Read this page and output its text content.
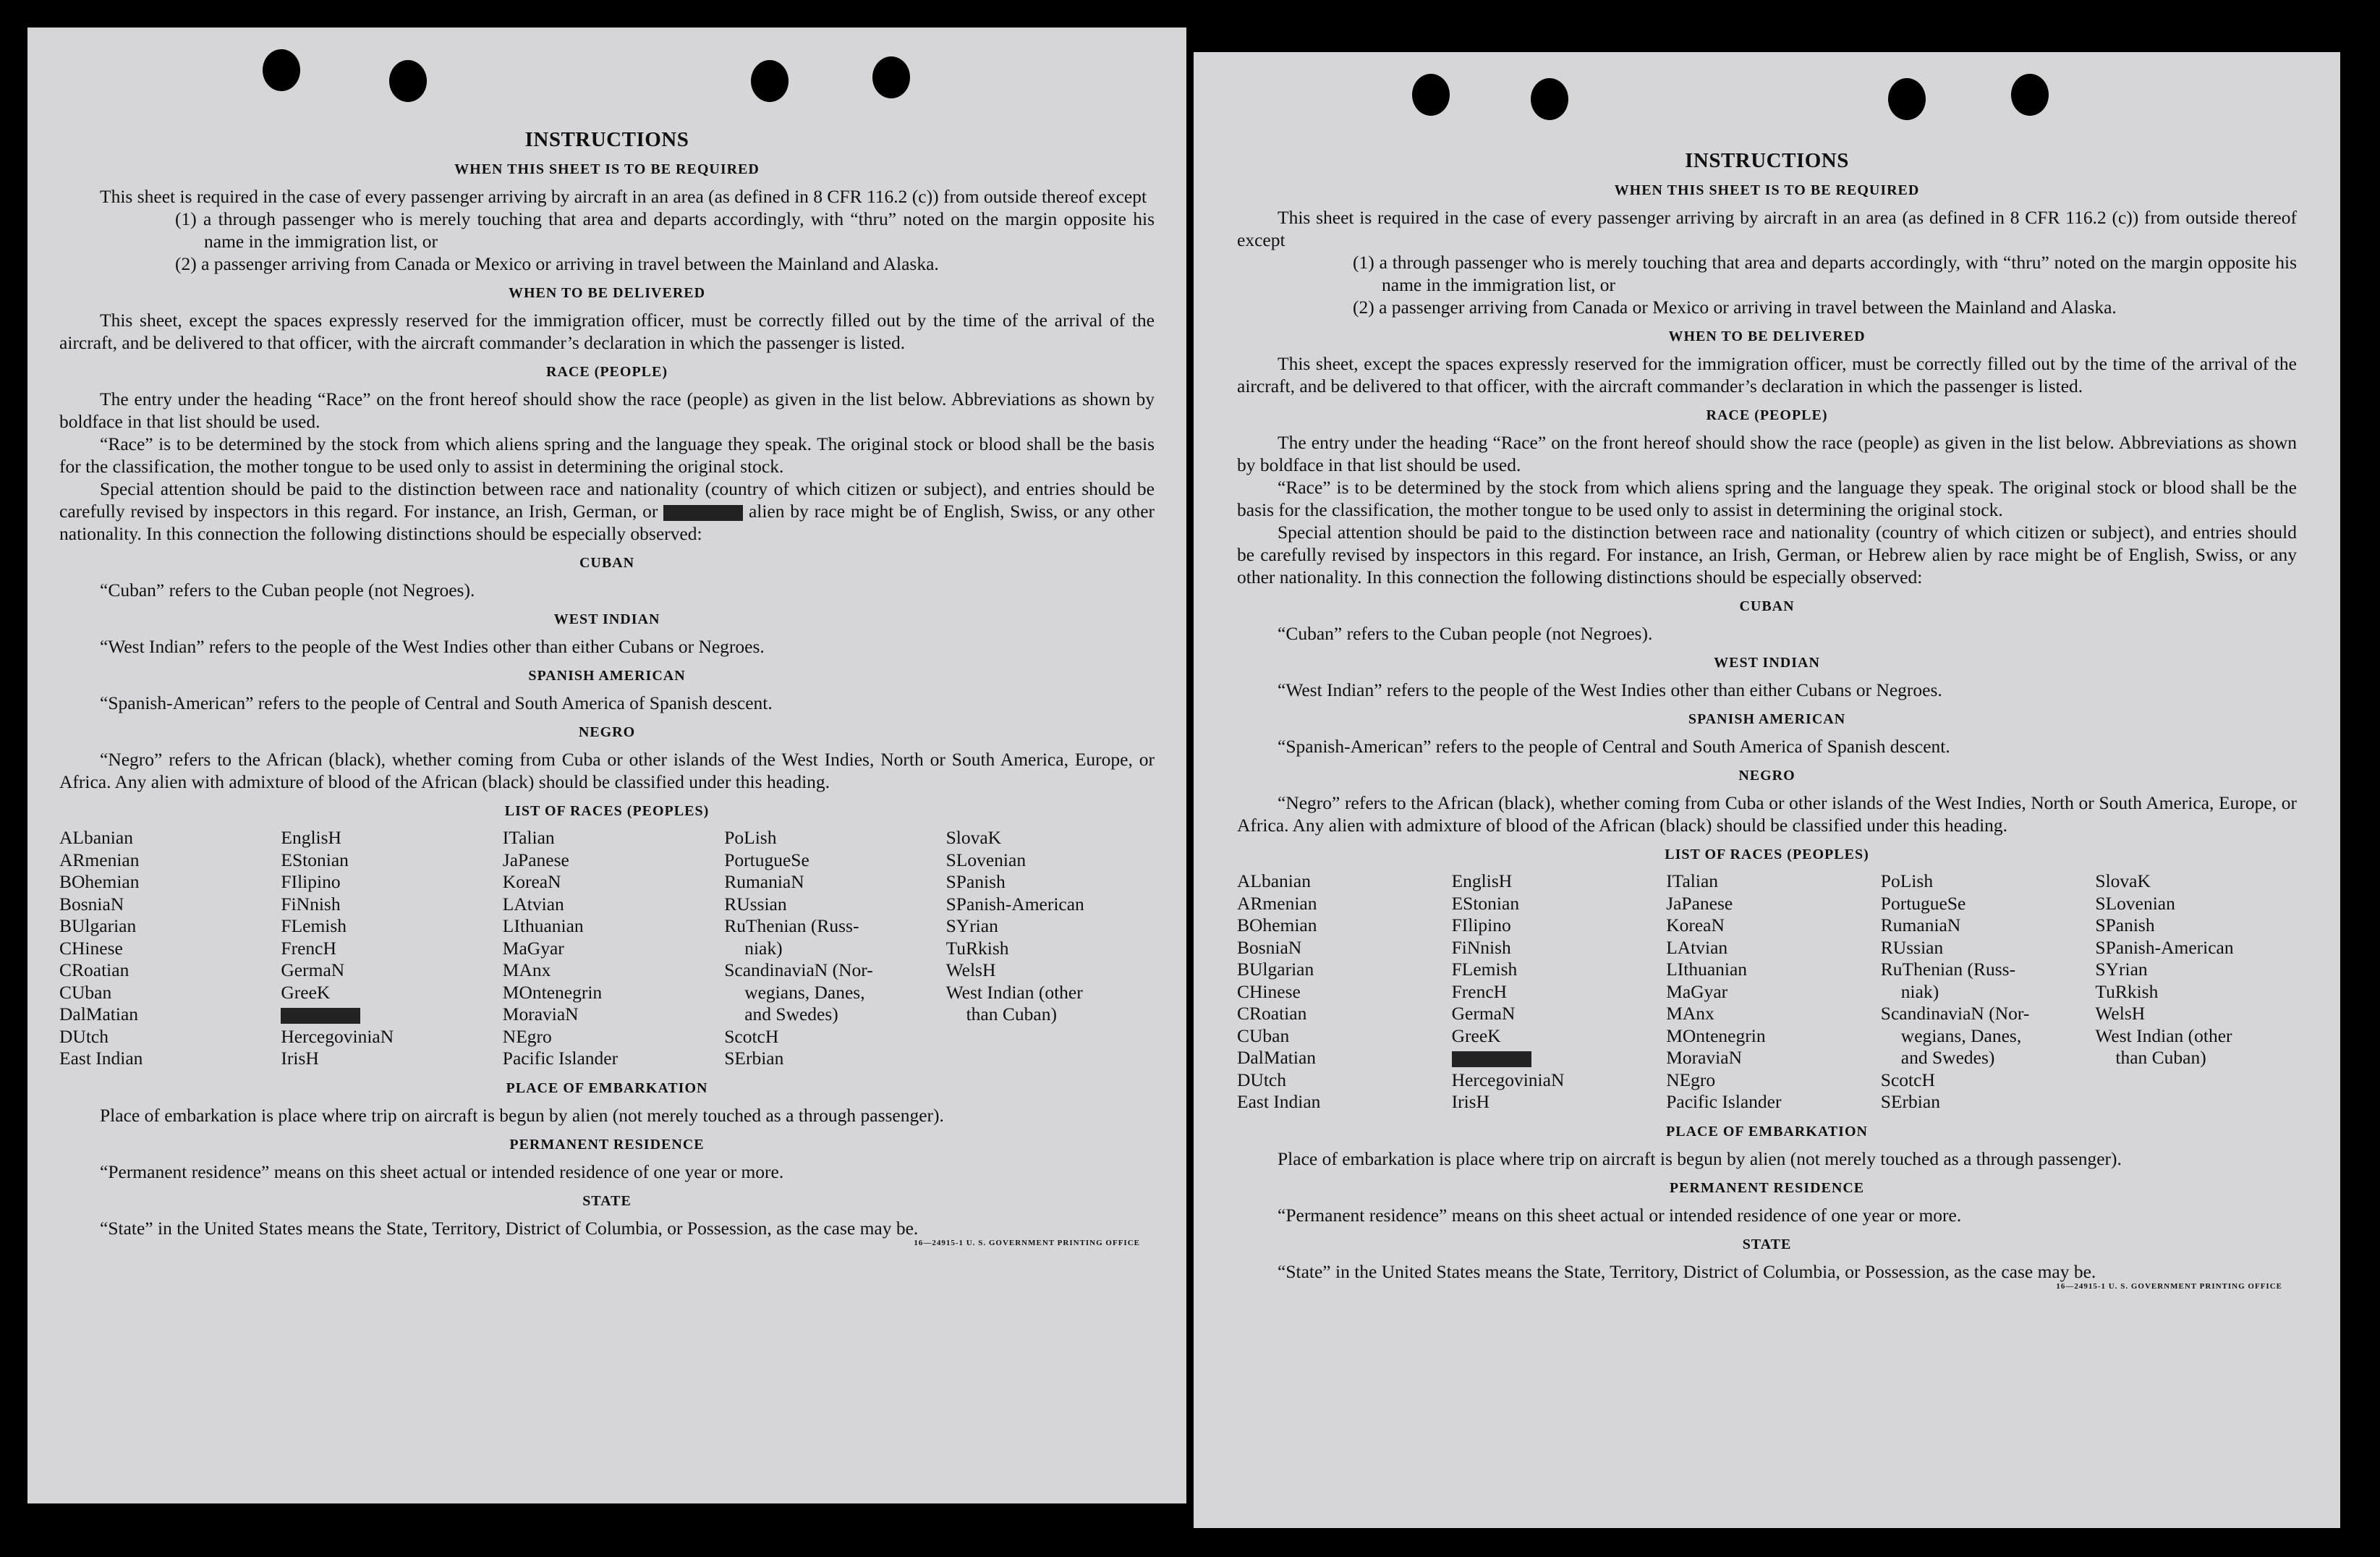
INSTRUCTIONS
WHEN THIS SHEET IS TO BE REQUIRED

This sheet is required in the case of every passenger arriving by aircraft in an area (as defined in 8 CFR 116.2 (c)) from outside thereof except

(1) a through passenger who is merely touching that area and departs accordingly, with “thru” noted on the margin opposite his name in the immigration list, or

(2) a passenger arriving from Canada or Mexico or arriving in travel between the Mainland and Alaska.

WHEN TO BE DELIVERED

This sheet, except the spaces expressly reserved for the immigration officer, must be correctly filled out by the time of the arrival of the aircraft, and be delivered to that officer, with the aircraft commander’s declaration in which the passenger is listed.

RACE (PEOPLE)

The entry under the heading “Race” on the front hereof should show the race (people) as given in the list below. Abbreviations as shown by boldface in that list should be used.

“Race” is to be determined by the stock from which aliens spring and the language they speak. The original stock or blood shall be the basis for the classification, the mother tongue to be used only to assist in determining the original stock.

Special attention should be paid to the distinction between race and nationality (country of which citizen or subject), and entries should be carefully revised by inspectors in this regard. For instance, an Irish, German, or	alien by race might be of English, Swiss, or any other nationality. In this connection the following distinctions should be especially observed:

CUBAN

“Cuban” refers to the Cuban people (not Negroes).

WEST INDIAN

“West Indian” refers to the people of the West Indies other than either Cubans or Negroes.

SPANISH AMERICAN

“Spanish-American” refers to the people of Central and South America of Spanish descent.

NEGRO

“Negro” refers to the African (black), whether coming from Cuba or other islands of the West Indies, North or South America, Europe, or Africa. Any alien with admixture of blood of the African (black) should be classified under this heading.

LIST OF RACES (PEOPLES)
ALbanian
ARmenian
BOhemian
BosniaN
BUlgarian
CHinese
CRoatian
CUban
DalMatian
DUtch
East Indian
EnglisH
EStonian
FIlipino
FiNnish
FLemish
FrencH
GermaN
GreeK
HercegoviniaN
IrisH
ITalian
JaPanese
KoreaN
LAtvian
LIthuanian
MaGyar
MAnx
MOntenegrin
MoraviaN
NEgro
Pacific Islander
PoLish
PortugueSe
RumaniaN
RUssian
RuThenian (Russ-
niak)
ScandinaviaN (Nor-
wegians, Danes,
and Swedes)
ScotcH
SErbian
SlovaK
SLovenian
SPanish
SPanish-American
SYrian
TuRkish
WelsH
West Indian (other
than Cuban)
PLACE OF EMBARKATION

Place of embarkation is place where trip on aircraft is begun by alien (not merely touched as a through passenger).

PERMANENT RESIDENCE

“Permanent residence” means on this sheet actual or intended residence of one year or more.

STATE

“State” in the United States means the State, Territory, District of Columbia, or Possession, as the case may be.

16—24915-1 U. S. GOVERNMENT PRINTING OFFICE
INSTRUCTIONS
WHEN THIS SHEET IS TO BE REQUIRED

This sheet is required in the case of every passenger arriving by aircraft in an area (as defined in 8 CFR 116.2 (c)) from outside thereof except

(1) a through passenger who is merely touching that area and departs accordingly, with “thru” noted on the margin opposite his name in the immigration list, or

(2) a passenger arriving from Canada or Mexico or arriving in travel between the Mainland and Alaska.

WHEN TO BE DELIVERED

This sheet, except the spaces expressly reserved for the immigration officer, must be correctly filled out by the time of the arrival of the aircraft, and be delivered to that officer, with the aircraft commander’s declaration in which the passenger is listed.

RACE (PEOPLE)

The entry under the heading “Race” on the front hereof should show the race (people) as given in the list below. Abbreviations as shown by boldface in that list should be used.

“Race” is to be determined by the stock from which aliens spring and the language they speak. The original stock or blood shall be the basis for the classification, the mother tongue to be used only to assist in determining the original stock.

Special attention should be paid to the distinction between race and nationality (country of which citizen or subject), and entries should be carefully revised by inspectors in this regard. For instance, an Irish, German, or Hebrew alien by race might be of English, Swiss, or any other nationality. In this connection the following distinctions should be especially observed:

CUBAN

“Cuban” refers to the Cuban people (not Negroes).

WEST INDIAN

“West Indian” refers to the people of the West Indies other than either Cubans or Negroes.

SPANISH AMERICAN

“Spanish-American” refers to the people of Central and South America of Spanish descent.

NEGRO

“Negro” refers to the African (black), whether coming from Cuba or other islands of the West Indies, North or South America, Europe, or Africa. Any alien with admixture of blood of the African (black) should be classified under this heading.

LIST OF RACES (PEOPLES)
ALbanian
ARmenian
BOhemian
BosniaN
BUlgarian
CHinese
CRoatian
CUban
DalMatian
DUtch
East Indian
EnglisH
EStonian
FIlipino
FiNnish
FLemish
FrencH
GermaN
GreeK
HercegoviniaN
IrisH
ITalian
JaPanese
KoreaN
LAtvian
LIthuanian
MaGyar
MAnx
MOntenegrin
MoraviaN
NEgro
Pacific Islander
PoLish
PortugueSe
RumaniaN
RUssian
RuThenian (Russ-
niak)
ScandinaviaN (Nor-
wegians, Danes,
and Swedes)
ScotcH
SErbian
SlovaK
SLovenian
SPanish
SPanish-American
SYrian
TuRkish
WelsH
West Indian (other
than Cuban)
PLACE OF EMBARKATION

Place of embarkation is place where trip on aircraft is begun by alien (not merely touched as a through passenger).

PERMANENT RESIDENCE

“Permanent residence” means on this sheet actual or intended residence of one year or more.

STATE

“State” in the United States means the State, Territory, District of Columbia, or Possession, as the case may be.

16—24915-1 U. S. GOVERNMENT PRINTING OFFICE
